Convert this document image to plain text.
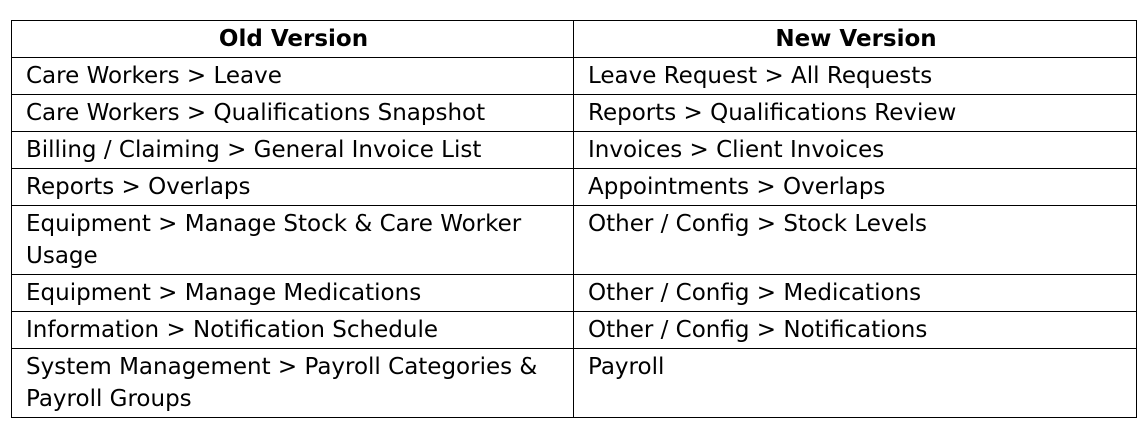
Old Version	New Version
Care Workers > Leave	Leave Request > All Requests
Care Workers > Qualifications Snapshot	Reports > Qualifications Review
Billing / Claiming > General Invoice List	Invoices > Client Invoices
Reports > Overlaps	Appointments > Overlaps
Equipment > Manage Stock & Care Worker Usage	Other / Config > Stock Levels
Equipment > Manage Medications	Other / Config > Medications
Information > Notification Schedule	Other / Config > Notifications
System Management > Payroll Categories & Payroll Groups	Payroll
